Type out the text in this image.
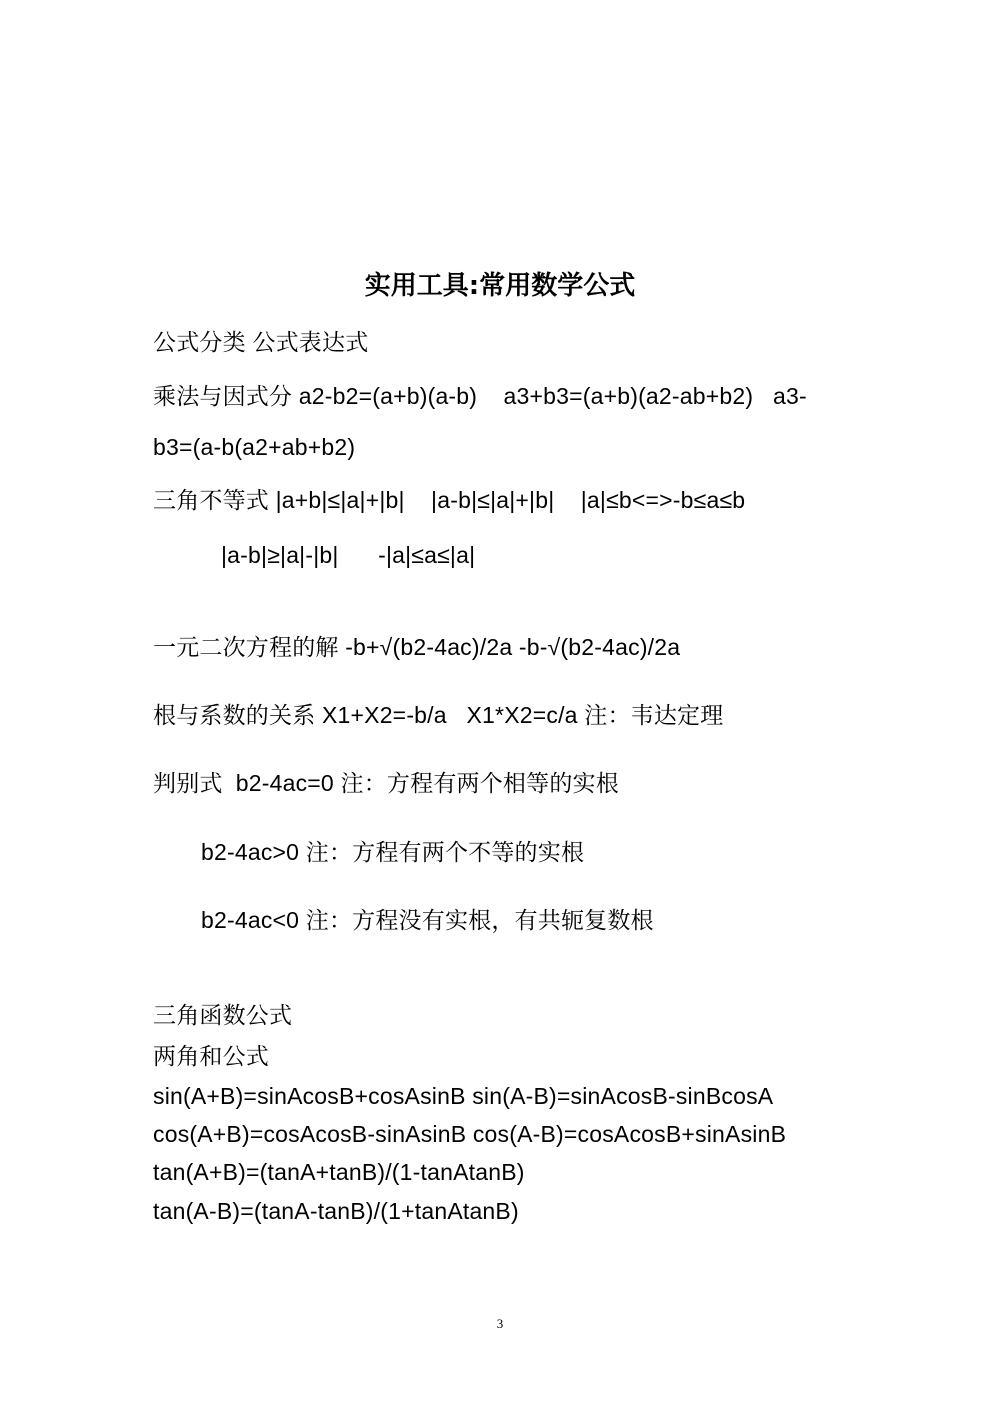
实用工具:常用数学公式
公式分类 公式表达式
乘法与因式分 a2-b2=(a+b)(a-b)    a3+b3=(a+b)(a2-ab+b2)   a3-
b3=(a-b(a2+ab+b2)
三角不等式 |a+b|≤|a|+|b|    |a-b|≤|a|+|b|    |a|≤b<=>-b≤a≤b
|a-b|≥|a|-|b|      -|a|≤a≤|a|
一元二次方程的解 -b+√(b2-4ac)/2a -b-√(b2-4ac)/2a
根与系数的关系 X1+X2=-b/a   X1*X2=c/a 注：韦达定理
判别式  b2-4ac=0 注：方程有两个相等的实根
b2-4ac>0 注：方程有两个不等的实根
b2-4ac<0 注：方程没有实根，有共轭复数根
三角函数公式
两角和公式
sin(A+B)=sinAcosB+cosAsinB sin(A-B)=sinAcosB-sinBcosA
cos(A+B)=cosAcosB-sinAsinB cos(A-B)=cosAcosB+sinAsinB
tan(A+B)=(tanA+tanB)/(1-tanAtanB)
tan(A-B)=(tanA-tanB)/(1+tanAtanB)
3
